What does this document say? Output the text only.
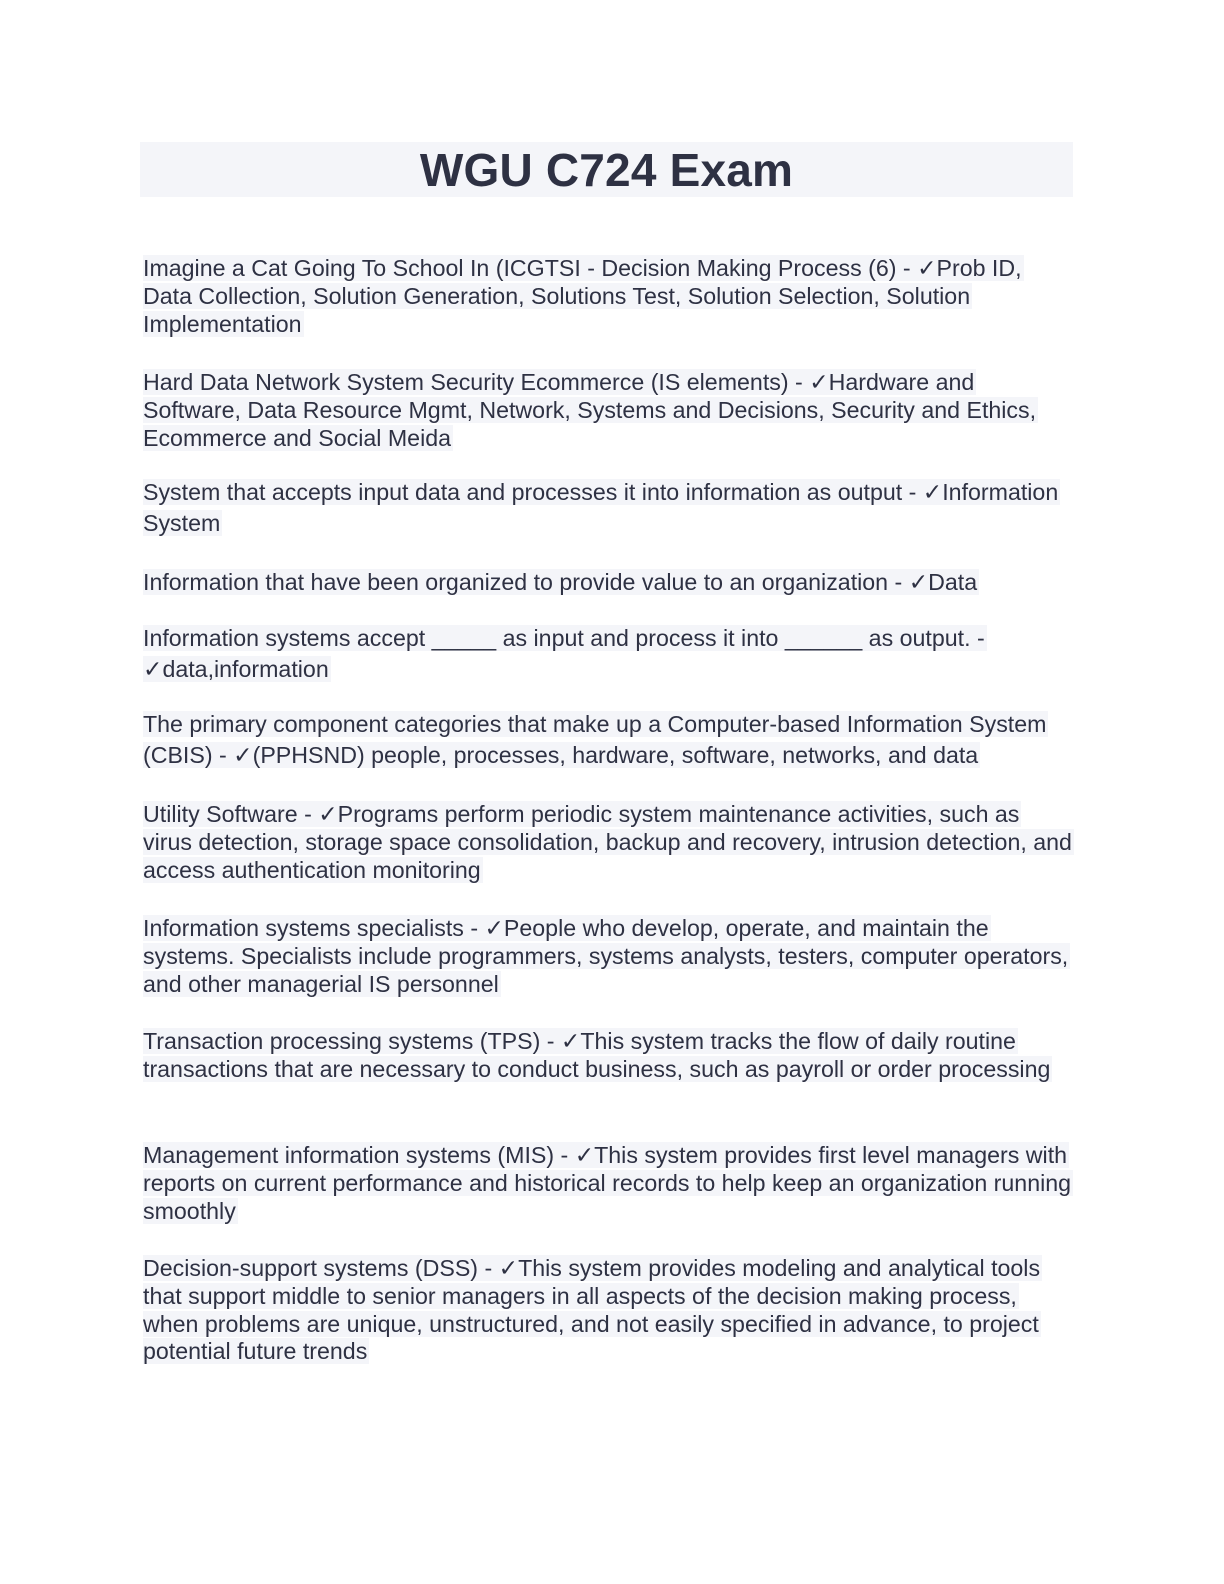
WGU C724 Exam
Imagine a Cat Going To School In (ICGTSI - Decision Making Process (6) - ✓Prob ID, Data Collection, Solution Generation, Solutions Test, Solution Selection, Solution Implementation
Hard Data Network System Security Ecommerce (IS elements) - ✓Hardware and Software, Data Resource Mgmt, Network, Systems and Decisions, Security and Ethics, Ecommerce and Social Meida
System that accepts input data and processes it into information as output - ✓Information System
Information that have been organized to provide value to an organization - ✓Data
Information systems accept _____ as input and process it into ______ as output. - ✓data,information
The primary component categories that make up a Computer-based Information System (CBIS) - ✓(PPHSND) people, processes, hardware, software, networks, and data
Utility Software - ✓Programs perform periodic system maintenance activities, such as virus detection, storage space consolidation, backup and recovery, intrusion detection, and access authentication monitoring
Information systems specialists - ✓People who develop, operate, and maintain the systems. Specialists include programmers, systems analysts, testers, computer operators, and other managerial IS personnel
Transaction processing systems (TPS) - ✓This system tracks the flow of daily routine transactions that are necessary to conduct business, such as payroll or order processing
Management information systems (MIS) - ✓This system provides first level managers with reports on current performance and historical records to help keep an organization running smoothly
Decision-support systems (DSS) - ✓This system provides modeling and analytical tools that support middle to senior managers in all aspects of the decision making process, when problems are unique, unstructured, and not easily specified in advance, to project potential future trends
